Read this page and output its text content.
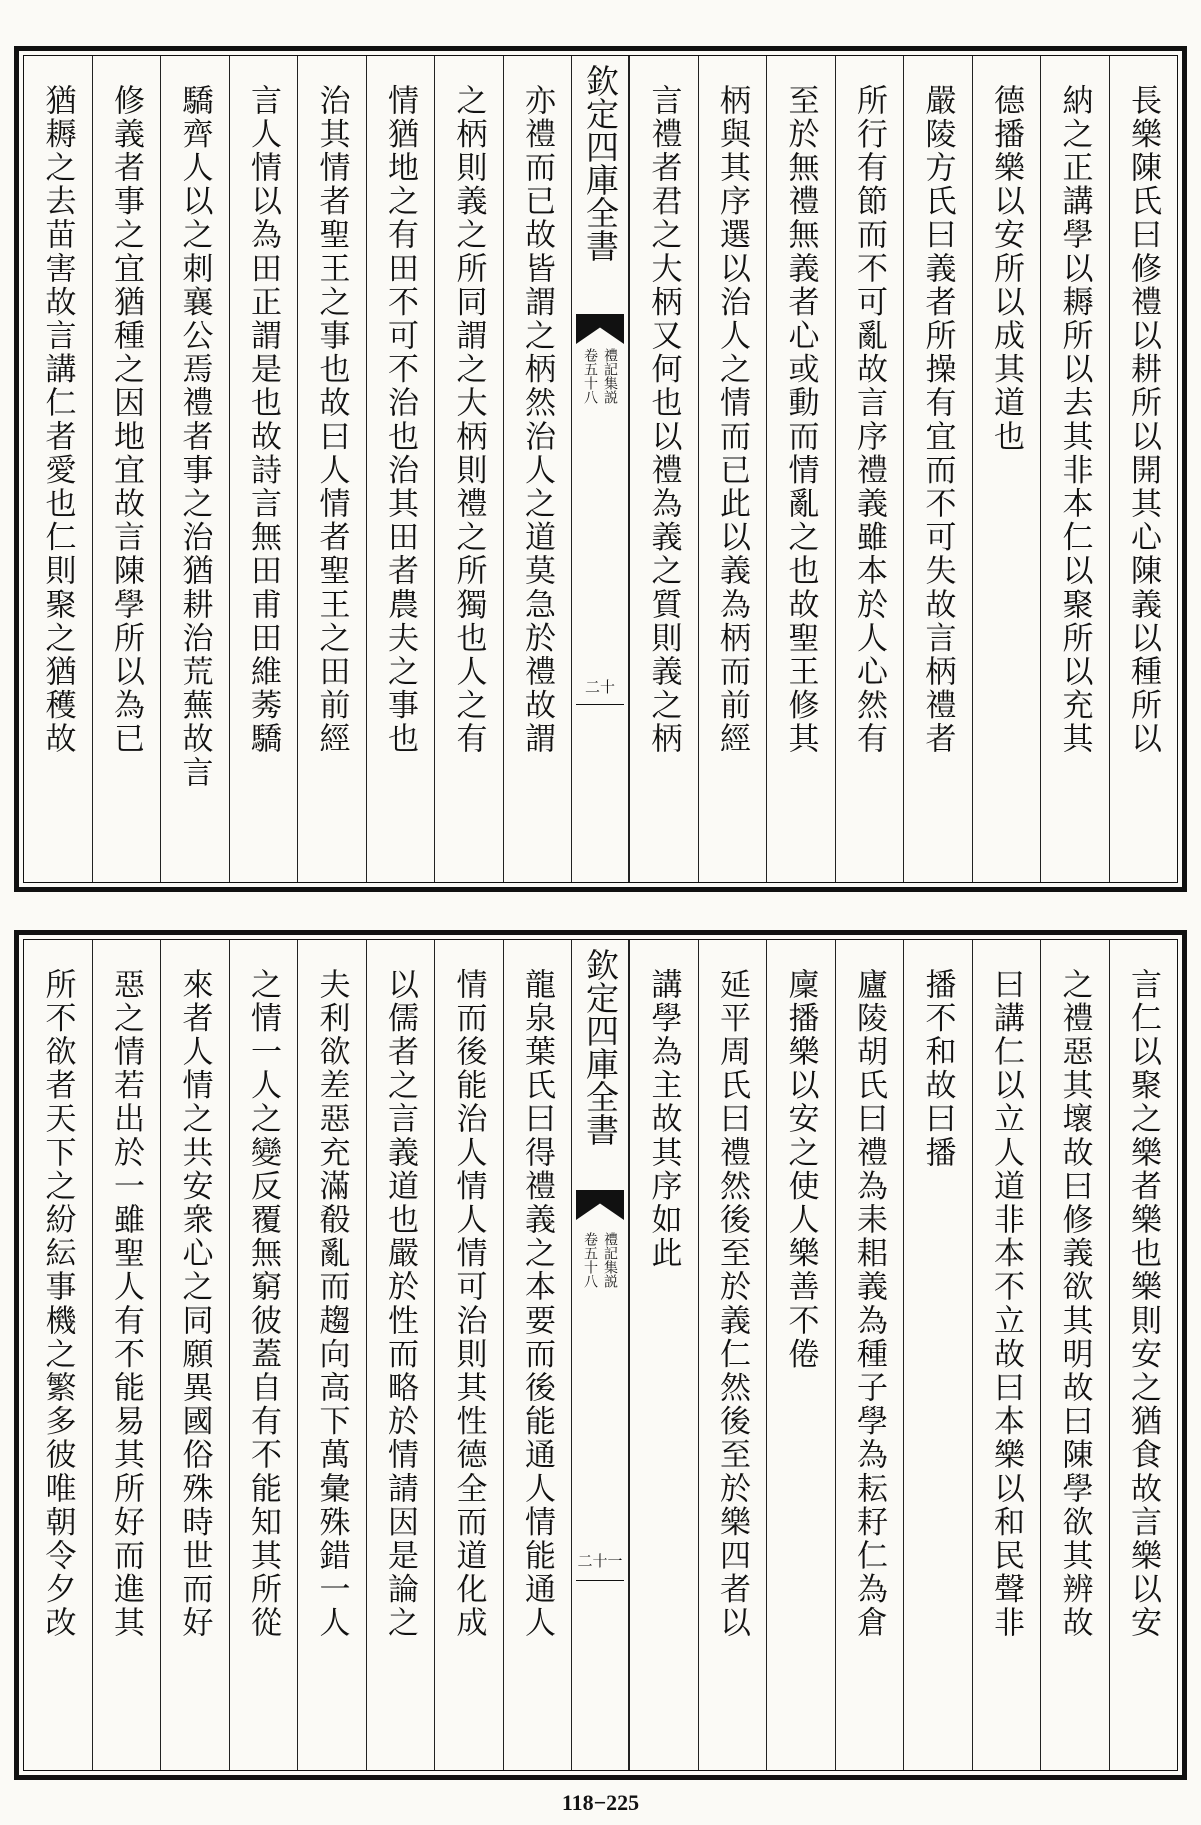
長樂陳氏曰修禮以耕所以開其心陳義以種所以
納之正講學以耨所以去其非本仁以聚所以充其
德播樂以安所以成其道也
嚴陵方氏曰義者所操有宜而不可失故言柄禮者
所行有節而不可亂故言序禮義雖本於人心然有
至於無禮無義者心或動而情亂之也故聖王修其
柄與其序選以治人之情而已此以義為柄而前經
言禮者君之大柄又何也以禮為義之質則義之柄
欽定四庫全書
禮記集説
卷五十八
二十
亦禮而已故皆謂之柄然治人之道莫急於禮故謂
之柄則義之所同謂之大柄則禮之所獨也人之有
情猶地之有田不可不治也治其田者農夫之事也
治其情者聖王之事也故曰人情者聖王之田前經
言人情以為田正謂是也故詩言無田甫田維莠驕
驕齊人以之刺襄公焉禮者事之治猶耕治荒蕪故言
修義者事之宜猶種之因地宜故言陳學所以為已
猶耨之去苗害故言講仁者愛也仁則聚之猶穫故
言仁以聚之樂者樂也樂則安之猶食故言樂以安
之禮惡其壞故曰修義欲其明故曰陳學欲其辨故
曰講仁以立人道非本不立故曰本樂以和民聲非
播不和故曰播
廬陵胡氏曰禮為耒耜義為種子學為耘耔仁為倉
廩播樂以安之使人樂善不倦
延平周氏曰禮然後至於義仁然後至於樂四者以
講學為主故其序如此
欽定四庫全書
禮記集説
卷五十八
二十一
龍泉葉氏曰得禮義之本要而後能通人情能通人
情而後能治人情人情可治則其性德全而道化成
以儒者之言義道也嚴於性而略於情請因是論之
夫利欲差惡充滿殽亂而趨向高下萬彙殊錯一人
之情一人之變反覆無窮彼蓋自有不能知其所從
來者人情之共安衆心之同願異國俗殊時世而好
惡之情若出於一雖聖人有不能易其所好而進其
所不欲者天下之紛紜事機之繁多彼唯朝令夕改
118−225
